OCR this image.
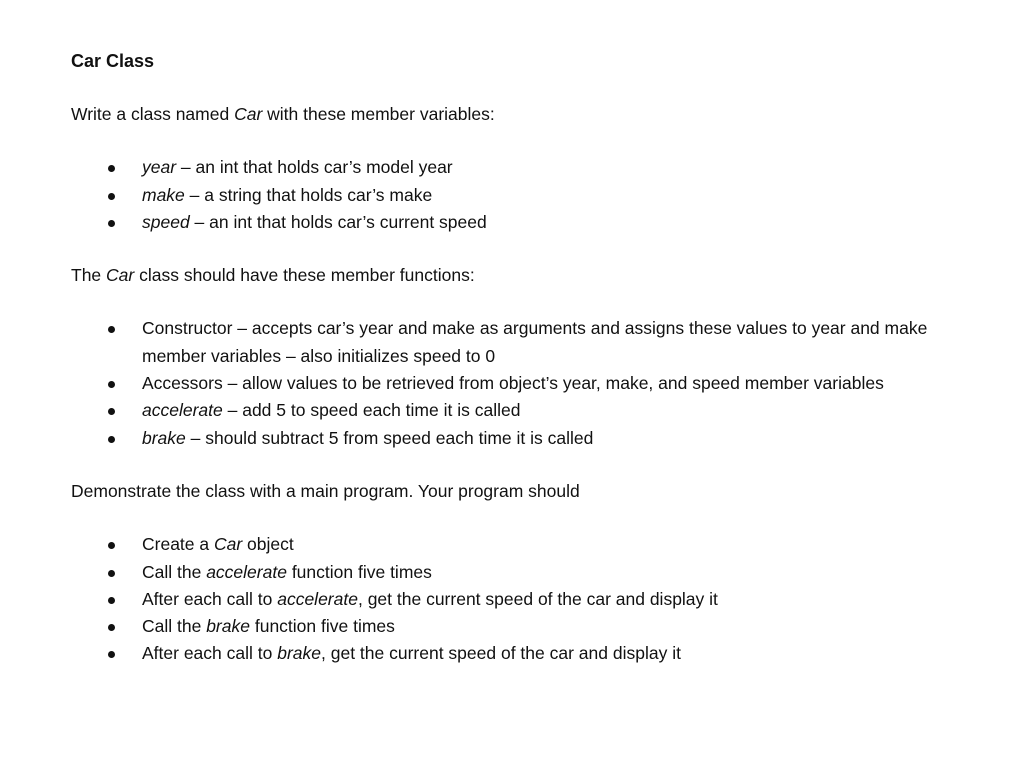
Car Class

Write a class named Car with these member variables:

year – an int that holds car’s model year
make – a string that holds car’s make
speed – an int that holds car’s current speed

The Car class should have these member functions:

Constructor – accepts car’s year and make as arguments and assigns these values to year and make member variables – also initializes speed to 0
Accessors – allow values to be retrieved from object’s year, make, and speed member variables
accelerate – add 5 to speed each time it is called
brake – should subtract 5 from speed each time it is called

Demonstrate the class with a main program. Your program should

Create a Car object
Call the accelerate function five times
After each call to accelerate, get the current speed of the car and display it
Call the brake function five times
After each call to brake, get the current speed of the car and display it
